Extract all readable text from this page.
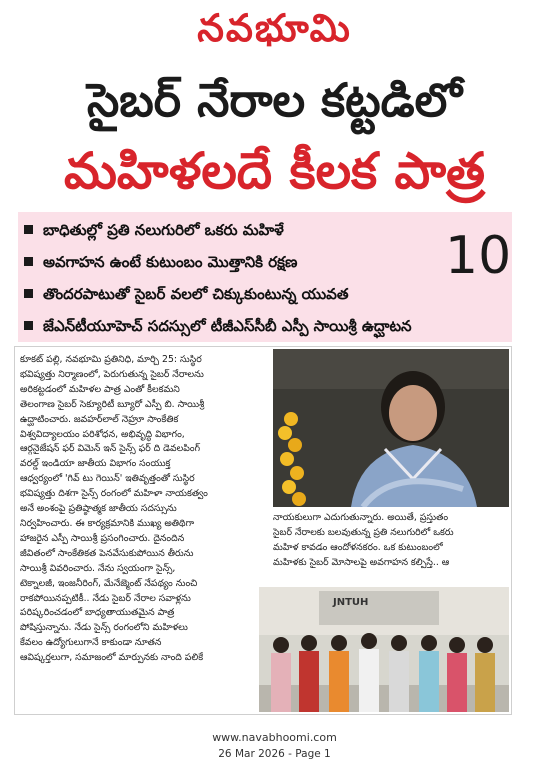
నవభూమి
సైబర్ నేరాల కట్టడిలో
మహిళలదే కీలక పాత్ర
బాధితుల్లో ప్రతి నలుగురిలో ఒకరు మహిళే
అవగాహన ఉంటే కుటుంబం మొత్తానికి రక్షణ
తొందరపాటుతో సైబర్ వలలో చిక్కుకుంటున్న యువత
జేఎన్‌టీయూహెచ్ సదస్సులో టీజీఎస్‌సీబీ ఎస్పీ సాయిశ్రీ ఉద్ఘాటన
10
కూకట్ పల్లి, నవభూమి ప్రతినిధి, మార్చి 25: సుస్థిర
భవిష్యత్తు నిర్మాణంలో, పెరుగుతున్న సైబర్ నేరాలను
అరికట్టడంలో మహిళల పాత్ర ఎంతో కీలకమని
తెలంగాణ సైబర్ సెక్యూరిటీ బ్యూరో ఎస్పీ బి. సాయిశ్రీ
ఉద్ఘాటించారు. జవహర్‌లాల్ నెహ్రూ సాంకేతిక
విశ్వవిద్యాలయం పరిశోధన, అభివృద్ధి విభాగం,
ఆర్గనైజేషన్ ఫర్ విమెన్ ఇన్ సైన్స్ ఫర్ ది డెవలపింగ్
వరల్డ్ ఇండియా జాతీయ విభాగం సంయుక్త
ఆధ్వర్యంలో 'గివ్ టు గెయిన్' ఇతివృత్తంతో సుస్థిర
భవిష్యత్తు దిశగా సైన్స్ రంగంలో మహిళా నాయకత్వం
అనే అంశంపై ప్రతిష్ఠాత్మక జాతీయ సదస్సును
నిర్వహించారు. ఈ కార్యక్రమానికి ముఖ్య అతిథిగా
హాజరైన ఎస్పీ సాయిశ్రీ ప్రసంగించారు. దైనందిన
జీవితంలో సాంకేతికత పెనవేసుకుపోయిన తీరును
సాయిశ్రీ వివరించారు. నేను స్వయంగా సైన్స్,
టెక్నాలజీ, ఇంజనీరింగ్, మేనేజ్మెంట్ నేపథ్యం నుంచి
రాకపోయినప్పటికీ.. నేడు సైబర్ నేరాల సవాళ్లను
పరిష్కరించడంలో బాధ్యతాయుతమైన పాత్ర
పోషిస్తున్నాను. నేడు సైన్స్ రంగంలోని మహిళలు
కేవలం ఉద్యోగులుగానే కాకుండా నూతన
ఆవిష్కర్తలుగా, సమాజంలో మార్పునకు నాంది పలికే
నాయకులుగా ఎదుగుతున్నారు. అయితే, ప్రస్తుతం
సైబర్ నేరాలకు బలవుతున్న ప్రతి నలుగురిలో ఒకరు
మహిళ కావడం ఆందోళనకరం. ఒక కుటుంబంలో
మహిళకు సైబర్ మోసాలపై అవగాహన కల్పిస్తే.. ఆ
JNTUH
www.navabhoomi.com
26 Mar 2026 - Page 1
